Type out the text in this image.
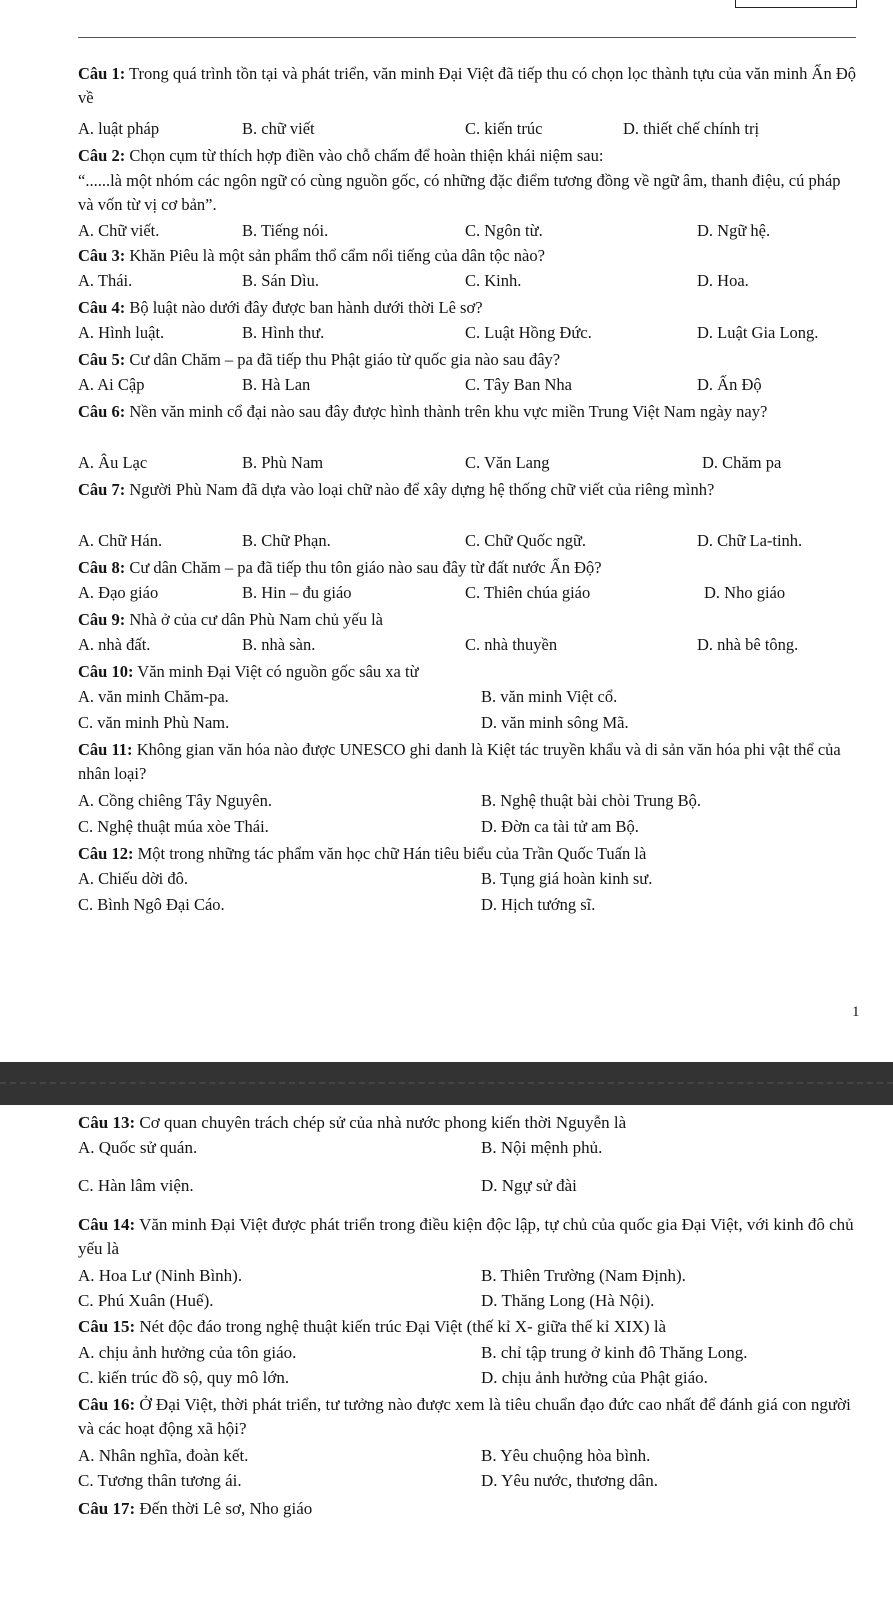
Câu 1: Trong quá trình tồn tại và phát triển, văn minh Đại Việt đã tiếp thu có chọn lọc thành tựu của văn minh Ấn Độ về
A. luật pháp	B. chữ viết	C. kiến trúc	D. thiết chế chính trị
Câu 2: Chọn cụm từ thích hợp điền vào chỗ chấm để hoàn thiện khái niệm sau:
“......là một nhóm các ngôn ngữ có cùng nguồn gốc, có những đặc điểm tương đồng về ngữ âm, thanh điệu, cú pháp và vốn từ vị cơ bản”.
A. Chữ viết.	B. Tiếng nói.	C. Ngôn từ.	D. Ngữ hệ.
Câu 3: Khăn Piêu là một sản phẩm thổ cẩm nổi tiếng của dân tộc nào?
A. Thái.	B. Sán Dìu.	C. Kinh.	D. Hoa.
Câu 4: Bộ luật nào dưới đây được ban hành dưới thời Lê sơ?
A. Hình luật.	B. Hình thư.	C. Luật Hồng Đức.	D. Luật Gia Long.
Câu 5: Cư dân Chăm – pa đã tiếp thu Phật giáo từ quốc gia nào sau đây?
A. Ai Cập	B. Hà Lan	C. Tây Ban Nha	D. Ấn Độ
Câu 6: Nền văn minh cổ đại nào sau đây được hình thành trên khu vực miền Trung Việt Nam ngày nay?
A. Âu Lạc	B. Phù Nam	C. Văn Lang	D. Chăm pa
Câu 7: Người Phù Nam đã dựa vào loại chữ nào để xây dựng hệ thống chữ viết của riêng mình?
A. Chữ Hán.	B. Chữ Phạn.	C. Chữ Quốc ngữ.	D. Chữ La-tinh.
Câu 8: Cư dân Chăm – pa đã tiếp thu tôn giáo nào sau đây từ đất nước Ấn Độ?
A. Đạo giáo	B. Hin – đu giáo	C. Thiên chúa giáo	D. Nho giáo
Câu 9: Nhà ở của cư dân Phù Nam chủ yếu là
A. nhà đất.	B. nhà sàn.	C. nhà thuyền	D. nhà bê tông.
Câu 10: Văn minh Đại Việt có nguồn gốc sâu xa từ
A. văn minh Chăm-pa.	B. văn minh Việt cổ.
C. văn minh Phù Nam.	D. văn minh sông Mã.
Câu 11: Không gian văn hóa nào được UNESCO ghi danh là Kiệt tác truyền khẩu và di sản văn hóa phi vật thể của nhân loại?
A. Cồng chiêng Tây Nguyên.	B. Nghệ thuật bài chòi Trung Bộ.
C. Nghệ thuật múa xòe Thái.	D. Đờn ca tài tử am Bộ.
Câu 12: Một trong những tác phẩm văn học chữ Hán tiêu biểu của Trần Quốc Tuấn là
A. Chiếu dời đô.	B. Tụng giá hoàn kinh sư.
C. Bình Ngô Đại Cáo.	D. Hịch tướng sĩ.
1
Câu 13: Cơ quan chuyên trách chép sử của nhà nước phong kiến thời Nguyễn là
A. Quốc sử quán.	B. Nội mệnh phủ.
C. Hàn lâm viện.	D. Ngự sử đài
Câu 14: Văn minh Đại Việt được phát triển trong điều kiện độc lập, tự chủ của quốc gia Đại Việt, với kinh đô chủ yếu là
A. Hoa Lư (Ninh Bình).	B. Thiên Trường (Nam Định).
C. Phú Xuân (Huế).	D. Thăng Long (Hà Nội).
Câu 15: Nét độc đáo trong nghệ thuật kiến trúc Đại Việt (thế kỉ X- giữa thế kỉ XIX) là
A. chịu ảnh hưởng của tôn giáo.	B. chỉ tập trung ở kinh đô Thăng Long.
C. kiến trúc đồ sộ, quy mô lớn.	D. chịu ảnh hưởng của Phật giáo.
Câu 16: Ở Đại Việt, thời phát triển, tư tưởng nào được xem là tiêu chuẩn đạo đức cao nhất để đánh giá con người và các hoạt động xã hội?
A. Nhân nghĩa, đoàn kết.	B. Yêu chuộng hòa bình.
C. Tương thân tương ái.	D. Yêu nước, thương dân.
Câu 17: Đến thời Lê sơ, Nho giáo
